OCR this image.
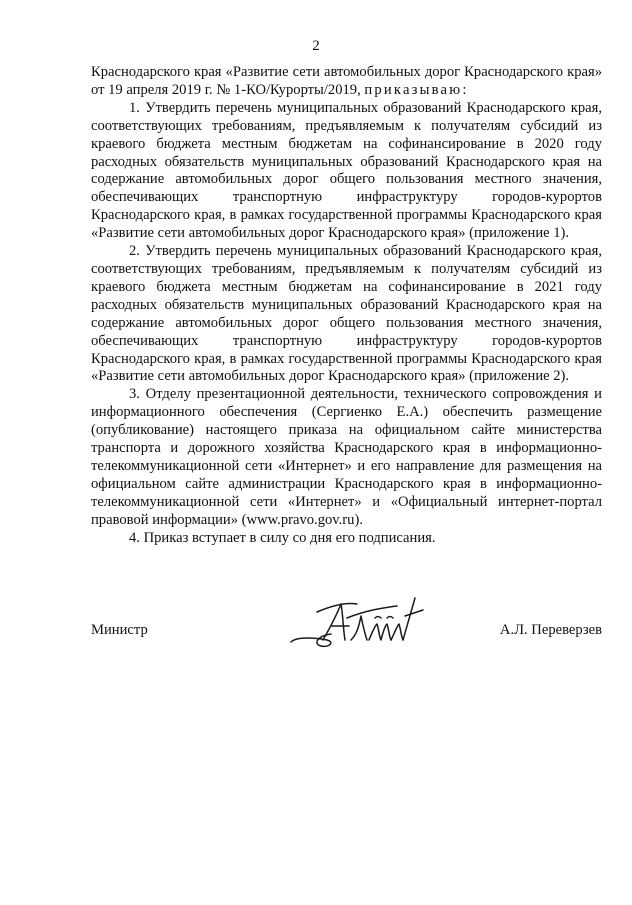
2

Краснодарского края «Развитие сети автомобильных дорог Краснодарского края» от 19 апреля 2019 г. № 1-КО/Курорты/2019, приказываю:

1. Утвердить перечень муниципальных образований Краснодарского края, соответствующих требованиям, предъявляемым к получателям субсидий из краевого бюджета местным бюджетам на софинансирование в 2020 году расходных обязательств муниципальных образований Краснодарского края на содержание автомобильных дорог общего пользования местного значения, обеспечивающих транспортную инфраструктуру городов-курортов Краснодарского края, в рамках государственной программы Краснодарского края «Развитие сети автомобильных дорог Краснодарского края» (приложение 1).

2. Утвердить перечень муниципальных образований Краснодарского края, соответствующих требованиям, предъявляемым к получателям субсидий из краевого бюджета местным бюджетам на софинансирование в 2021 году расходных обязательств муниципальных образований Краснодарского края на содержание автомобильных дорог общего пользования местного значения, обеспечивающих транспортную инфраструктуру городов-курортов Краснодарского края, в рамках государственной программы Краснодарского края «Развитие сети автомобильных дорог Краснодарского края» (приложение 2).

3. Отделу презентационной деятельности, технического сопровождения и информационного обеспечения (Сергиенко Е.А.) обеспечить размещение (опубликование) настоящего приказа на официальном сайте министерства транспорта и дорожного хозяйства Краснодарского края в информационно-телекоммуникационной сети «Интернет» и его направление для размещения на официальном сайте администрации Краснодарского края в информационно-телекоммуникационной сети «Интернет» и «Официальный интернет-портал правовой информации» (www.pravo.gov.ru).

4. Приказ вступает в силу со дня его подписания.

Министр	А.Л. Переверзев
